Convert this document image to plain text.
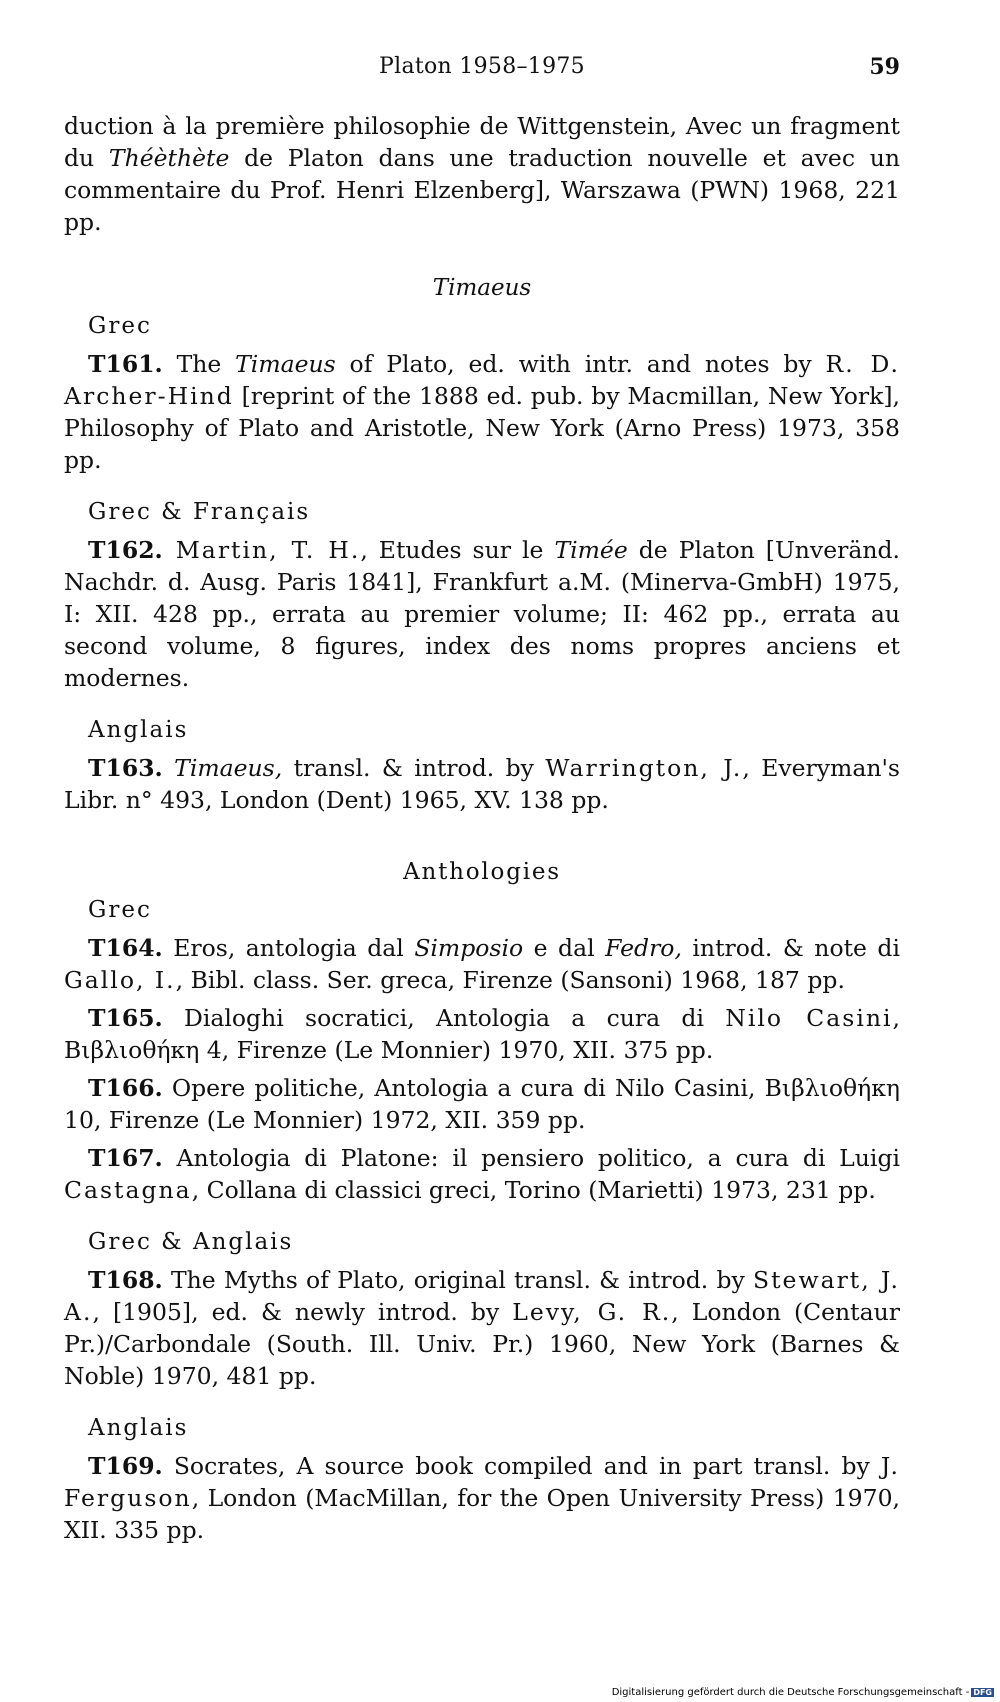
Platon 1958–1975	59

duction à la première philosophie de Wittgenstein, Avec un fragment du Théèthète de Platon dans une traduction nouvelle et avec un commentaire du Prof. Henri Elzenberg], Warszawa (PWN) 1968, 221 pp.

Timaeus
Grec

T161. The Timaeus of Plato, ed. with intr. and notes by R. D. Archer-Hind [reprint of the 1888 ed. pub. by Macmillan, New York], Philosophy of Plato and Aristotle, New York (Arno Press) 1973, 358 pp.

Grec & Français

T162. Martin, T. H., Etudes sur le Timée de Platon [Unveränd. Nachdr. d. Ausg. Paris 1841], Frankfurt a.M. (Minerva-GmbH) 1975, I: XII. 428 pp., errata au premier volume; II: 462 pp., errata au second volume, 8 figures, index des noms propres anciens et modernes.

Anglais

T163. Timaeus, transl. & introd. by Warrington, J., Everyman's Libr. n° 493, London (Dent) 1965, XV. 138 pp.

Anthologies
Grec

T164. Eros, antologia dal Simposio e dal Fedro, introd. & note di Gallo, I., Bibl. class. Ser. greca, Firenze (Sansoni) 1968, 187 pp.

T165. Dialoghi socratici, Antologia a cura di Nilo Casini, Βιβλιοθήκη 4, Firenze (Le Monnier) 1970, XII. 375 pp.

T166. Opere politiche, Antologia a cura di Nilo Casini, Βιβλιοθήκη 10, Firenze (Le Monnier) 1972, XII. 359 pp.

T167. Antologia di Platone: il pensiero politico, a cura di Luigi Castagna, Collana di classici greci, Torino (Marietti) 1973, 231 pp.

Grec & Anglais

T168. The Myths of Plato, original transl. & introd. by Stewart, J. A., [1905], ed. & newly introd. by Levy, G. R., London (Centaur Pr.)/Carbondale (South. Ill. Univ. Pr.) 1960, New York (Barnes & Noble) 1970, 481 pp.

Anglais

T169. Socrates, A source book compiled and in part transl. by J. Ferguson, London (MacMillan, for the Open University Press) 1970, XII. 335 pp.

Digitalisierung gefördert durch die Deutsche Forschungsgemeinschaft - DFG
